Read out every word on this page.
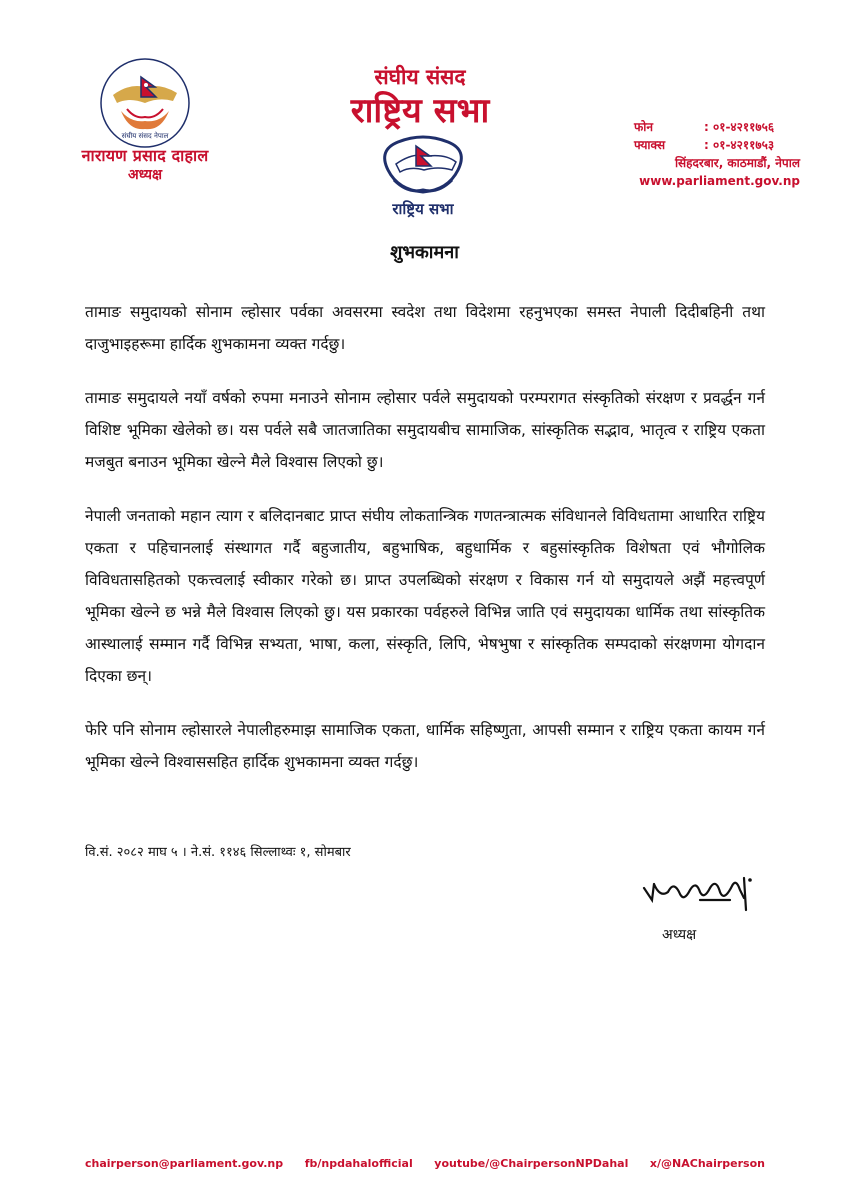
संघीय संसद नेपाल
नारायण प्रसाद दाहाल
अध्यक्ष
संघीय संसद
राष्ट्रिय सभा
राष्ट्रिय सभा
फोन	: ०१-४२११७५६
फ्याक्स	: ०१-४२११७५३
सिंहदरबार, काठमाडौं, नेपाल
www.parliament.gov.np
शुभकामना

तामाङ समुदायको सोनाम ल्होसार पर्वका अवसरमा स्वदेश तथा विदेशमा रहनुभएका समस्त नेपाली दिदीबहिनी तथा दाजुभाइहरूमा हार्दिक शुभकामना व्यक्त गर्दछु।

तामाङ समुदायले नयाँ वर्षको रुपमा मनाउने सोनाम ल्होसार पर्वले समुदायको परम्परागत संस्कृतिको संरक्षण र प्रवर्द्धन गर्न विशिष्ट भूमिका खेलेको छ। यस पर्वले सबै जातजातिका समुदायबीच सामाजिक, सांस्कृतिक सद्भाव, भातृत्व र राष्ट्रिय एकता मजबुत बनाउन भूमिका खेल्ने मैले विश्वास लिएको छु।

नेपाली जनताको महान त्याग र बलिदानबाट प्राप्त संघीय लोकतान्त्रिक गणतन्त्रात्मक संविधानले विविधतामा आधारित राष्ट्रिय एकता र पहिचानलाई संस्थागत गर्दै बहुजातीय, बहुभाषिक, बहुधार्मिक र बहुसांस्कृतिक विशेषता एवं भौगोलिक विविधतासहितको एकत्त्वलाई स्वीकार गरेको छ। प्राप्त उपलब्धिको संरक्षण र विकास गर्न यो समुदायले अझैं महत्त्वपूर्ण भूमिका खेल्ने छ भन्ने मैले विश्वास लिएको छु। यस प्रकारका पर्वहरुले विभिन्न जाति एवं समुदायका धार्मिक तथा सांस्कृतिक आस्थालाई सम्मान गर्दै विभिन्न सभ्यता, भाषा, कला, संस्कृति, लिपि, भेषभुषा र सांस्कृतिक सम्पदाको संरक्षणमा योगदान दिएका छन्।

फेरि पनि सोनाम ल्होसारले नेपालीहरुमाझ सामाजिक एकता, धार्मिक सहिष्णुता, आपसी सम्मान र राष्ट्रिय एकता कायम गर्न भूमिका खेल्ने विश्वाससहित हार्दिक शुभकामना व्यक्त गर्दछु।

वि.सं. २०८२ माघ ५ । ने.सं. ११४६ सिल्लाथ्वः १, सोमबार
अध्यक्ष
chairperson@parliament.gov.np fb/npdahalofficial youtube/@ChairpersonNPDahal x/@NAChairperson
